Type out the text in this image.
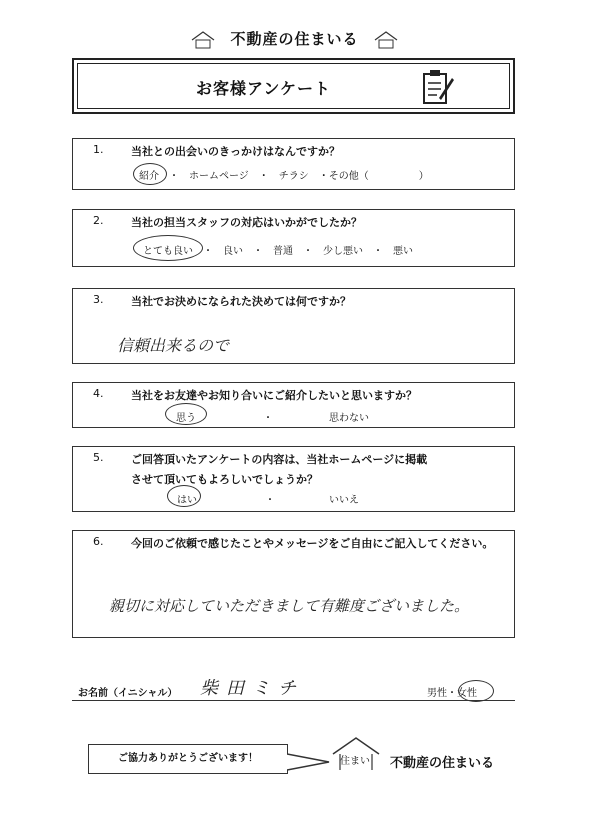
不動産の住まいる
お客様アンケート
1.	当社との出会いのきっかけはなんですか？
紹介　・　ホームページ　・　チラシ　・その他（　　　　　）
2.	当社の担当スタッフの対応はいかがでしたか？
とても良い　・　良い　・　普通　・　少し悪い　・　悪い
3.	当社でお決めになられた決めては何ですか？
信頼出来るので
4.	当社をお友達やお知り合いにご紹介したいと思いますか？
思う	・	思わない
5.	ご回答頂いたアンケートの内容は、当社ホームページに掲載
させて頂いてもよろしいでしょうか？
はい	・	いいえ
6.	今回のご依頼で感じたことやメッセージをご自由にご記入してください。
親切に対応していただきまして有難度ございました。
お名前（イニシャル） 柴田ミチ	男性・女性
ご協力ありがとうございます！	住まい 不動産の住まいる
